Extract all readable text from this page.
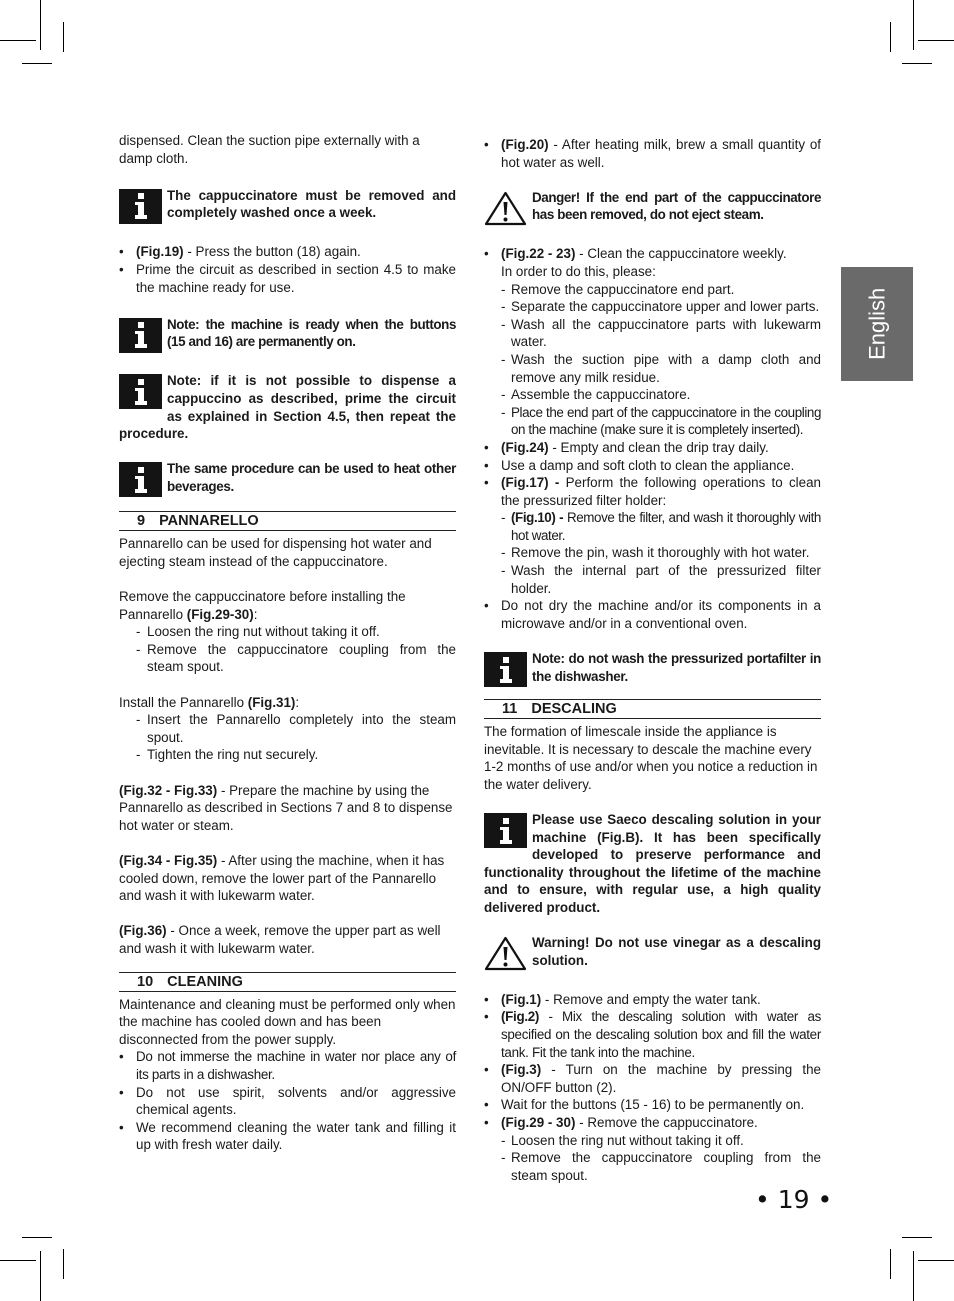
English

dispensed. Clean the suction pipe externally with a damp cloth.

The cappuccinatore must be removed and completely washed once a week.
• (Fig.19) - Press the button (18) again.
• Prime the circuit as described in section 4.5 to make the machine ready for use.
Note: the machine is ready when the buttons (15 and 16) are permanently on.
Note: if it is not possible to dispense a cappuccino as described, prime the circuit as explained in Section 4.5, then repeat the procedure.
The same procedure can be used to heat other beverages.
9 PANNARELLO

Pannarello can be used for dispensing hot water and ejecting steam instead of the cappuccinatore.

Remove the cappuccinatore before installing the Pannarello (Fig.29-30):

- Loosen the ring nut without taking it off.
- Remove the cappuccinatore coupling from the steam spout.

Install the Pannarello (Fig.31):

- Insert the Pannarello completely into the steam spout.
- Tighten the ring nut securely.

(Fig.32 - Fig.33) - Prepare the machine by using the Pannarello as described in Sections 7 and 8 to dispense hot water or steam.

(Fig.34 - Fig.35) - After using the machine, when it has cooled down, remove the lower part of the Pannarello and wash it with lukewarm water.

(Fig.36) - Once a week, remove the upper part as well and wash it with lukewarm water.

10 CLEANING

Maintenance and cleaning must be performed only when the machine has cooled down and has been disconnected from the power supply.

• Do not immerse the machine in water nor place any of its parts in a dishwasher.
• Do not use spirit, solvents and/or aggressive chemical agents.
• We recommend cleaning the water tank and filling it up with fresh water daily.
• (Fig.20) - After heating milk, brew a small quantity of hot water as well.
Danger! If the end part of the cappuccinatore has been removed, do not eject steam.
• (Fig.22 - 23) - Clean the cappuccinatore weekly.
In order to do this, please:
- Remove the cappuccinatore end part.
- Separate the cappuccinatore upper and lower parts.
- Wash all the cappuccinatore parts with lukewarm water.
- Wash the suction pipe with a damp cloth and remove any milk residue.
- Assemble the cappuccinatore.
- Place the end part of the cappuccinatore in the coupling on the machine (make sure it is completely inserted).
• (Fig.24) - Empty and clean the drip tray daily.
• Use a damp and soft cloth to clean the appliance.
• (Fig.17) - Perform the following operations to clean the pressurized filter holder:
- (Fig.10) - Remove the filter, and wash it thoroughly with hot water.
- Remove the pin, wash it thoroughly with hot water.
- Wash the internal part of the pressurized filter holder.
• Do not dry the machine and/or its components in a microwave and/or in a conventional oven.
Note: do not wash the pressurized portafilter in the dishwasher.
11 DESCALING

The formation of limescale inside the appliance is inevitable. It is necessary to descale the machine every 1-2 months of use and/or when you notice a reduction in the water delivery.

Please use Saeco descaling solution in your machine (Fig.B). It has been specifically developed to preserve performance and functionality throughout the lifetime of the machine and to ensure, with regular use, a high quality delivered product.
Warning! Do not use vinegar as a descaling solution.
• (Fig.1) - Remove and empty the water tank.
• (Fig.2) - Mix the descaling solution with water as specified on the descaling solution box and fill the water tank. Fit the tank into the machine.
• (Fig.3) - Turn on the machine by pressing the ON/OFF button (2).
• Wait for the buttons (15 - 16) to be permanently on.
• (Fig.29 - 30) - Remove the cappuccinatore.
- Loosen the ring nut without taking it off.
- Remove the cappuccinatore coupling from the steam spout.
• 19 •
